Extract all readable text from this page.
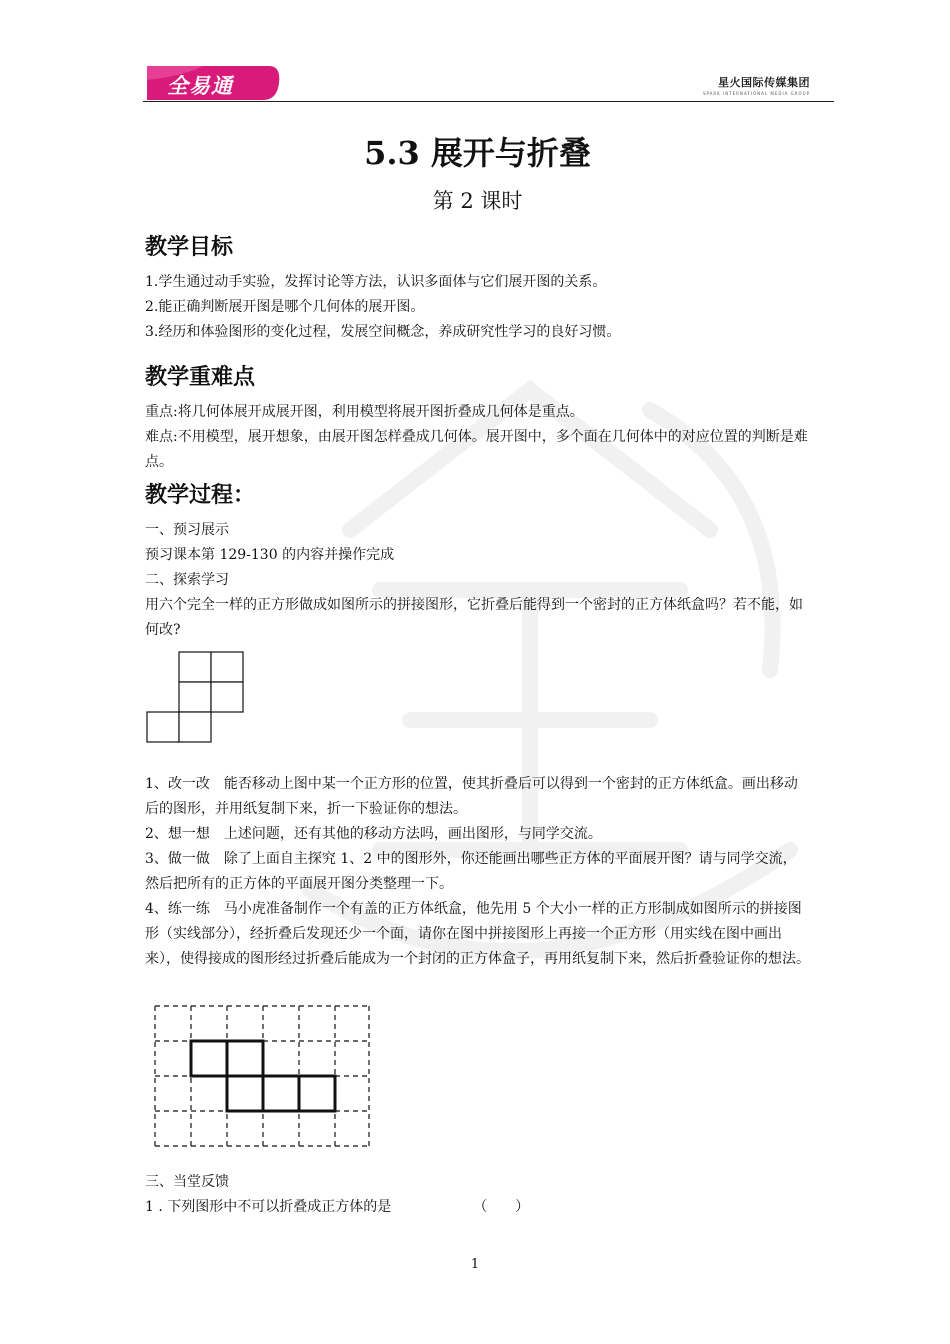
全易通	星火国际传媒集团
SPARK INTERNATIONAL MEDIA GROUP
5.3 展开与折叠
第 2 课时
教学目标

1.学生通过动手实验，发挥讨论等方法，认识多面体与它们展开图的关系。

2.能正确判断展开图是哪个几何体的展开图。

3.经历和体验图形的变化过程，发展空间概念，养成研究性学习的良好习惯。

教学重难点

重点:将几何体展开成展开图，利用模型将展开图折叠成几何体是重点。

难点:不用模型，展开想象，由展开图怎样叠成几何体。展开图中，多个面在几何体中的对应位置的判断是难点。

教学过程：

一、预习展示

预习课本第 129-130 的内容并操作完成

二、探索学习

用六个完全一样的正方形做成如图所示的拼接图形，它折叠后能得到一个密封的正方体纸盒吗？若不能，如何改?

1、改一改　能否移动上图中某一个正方形的位置，使其折叠后可以得到一个密封的正方体纸盒。画出移动后的图形，并用纸复制下来，折一下验证你的想法。

2、想一想　上述问题，还有其他的移动方法吗，画出图形，与同学交流。

3、做一做　除了上面自主探究 1、2 中的图形外，你还能画出哪些正方体的平面展开图？请与同学交流，然后把所有的正方体的平面展开图分类整理一下。

4、练一练　马小虎准备制作一个有盖的正方体纸盒，他先用 5 个大小一样的正方形制成如图所示的拼接图形（实线部分），经折叠后发现还少一个面，请你在图中拼接图形上再接一个正方形（用实线在图中画出来），使得接成的图形经过折叠后能成为一个封闭的正方体盒子，再用纸复制下来，然后折叠验证你的想法。

三、当堂反馈

1 . 下列图形中不可以折叠成正方体的是	（　　）
1
